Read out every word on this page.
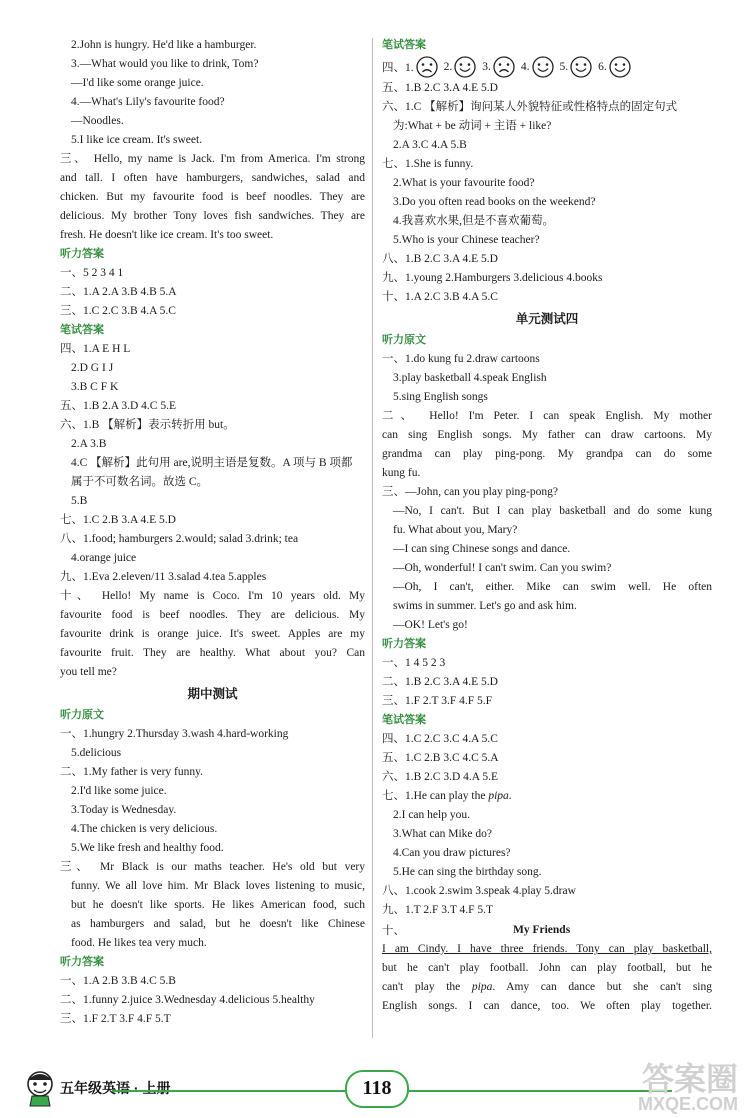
2.John is hungry. He'd like a hamburger.
3.—What would you like to drink, Tom?
—I'd like some orange juice.
4.—What's Lily's favourite food?
—Noodles.
5.I like ice cream. It's sweet.
三、 Hello, my name is Jack. I'm from America. I'm strong
and tall. I often have hamburgers, sandwiches, salad and
chicken. But my favourite food is beef noodles. They are
delicious. My brother Tony loves fish sandwiches. They are
fresh. He doesn't like ice cream. It's too sweet.
听力答案
一、5 2 3 4 1
二、1.A 2.A 3.B 4.B 5.A
三、1.C 2.C 3.B 4.A 5.C
笔试答案
四、1.A E H L
2.D G I J
3.B C F K
五、1.B 2.A 3.D 4.C 5.E
六、1.B 【解析】表示转折用 but。
2.A 3.B
4.C 【解析】此句用 are,说明主语是复数。A 项与 B 项都
属于不可数名词。故选 C。
5.B
七、1.C 2.B 3.A 4.E 5.D
八、1.food; hamburgers 2.would; salad 3.drink; tea
4.orange juice
九、1.Eva 2.eleven/11 3.salad 4.tea 5.apples
十、 Hello! My name is Coco. I'm 10 years old. My
favourite food is beef noodles. They are delicious. My
favourite drink is orange juice. It's sweet. Apples are my
favourite fruit. They are healthy. What about you? Can
you tell me?
期中测试
听力原文
一、1.hungry 2.Thursday 3.wash 4.hard-working
5.delicious
二、1.My father is very funny.
2.I'd like some juice.
3.Today is Wednesday.
4.The chicken is very delicious.
5.We like fresh and healthy food.
三、 Mr Black is our maths teacher. He's old but very
funny. We all love him. Mr Black loves listening to music,
but he doesn't like sports. He likes American food, such
as hamburgers and salad, but he doesn't like Chinese
food. He likes tea very much.
听力答案
一、1.A 2.B 3.B 4.C 5.B
二、1.funny 2.juice 3.Wednesday 4.delicious 5.healthy
三、1.F 2.T 3.F 4.F 5.T
笔试答案
四、1.	2.	3.	4.	5.	6.
五、1.B 2.C 3.A 4.E 5.D
六、1.C 【解析】询问某人外貌特征或性格特点的固定句式
为:What + be 动词 + 主语 + like?
2.A 3.C 4.A 5.B
七、1.She is funny.
2.What is your favourite food?
3.Do you often read books on the weekend?
4.我喜欢水果,但是不喜欢葡萄。
5.Who is your Chinese teacher?
八、1.B 2.C 3.A 4.E 5.D
九、1.young 2.Hamburgers 3.delicious 4.books
十、1.A 2.C 3.B 4.A 5.C
单元测试四
听力原文
一、1.do kung fu 2.draw cartoons
3.play basketball 4.speak English
5.sing English songs
二、 Hello! I'm Peter. I can speak English. My mother
can sing English songs. My father can draw cartoons. My
grandma can play ping-pong. My grandpa can do some
kung fu.
三、—John, can you play ping-pong?
—No, I can't. But I can play basketball and do some kung
fu. What about you, Mary?
—I can sing Chinese songs and dance.
—Oh, wonderful! I can't swim. Can you swim?
—Oh, I can't, either. Mike can swim well. He often
swims in summer. Let's go and ask him.
—OK! Let's go!
听力答案
一、1 4 5 2 3
二、1.B 2.C 3.A 4.E 5.D
三、1.F 2.T 3.F 4.F 5.F
笔试答案
四、1.C 2.C 3.C 4.A 5.C
五、1.C 2.B 3.C 4.C 5.A
六、1.B 2.C 3.D 4.A 5.E
七、1.He can play the pipa.
2.I can help you.
3.What can Mike do?
4.Can you draw pictures?
5.He can sing the birthday song.
八、1.cook 2.swim 3.speak 4.play 5.draw
九、1.T 2.F 3.T 4.F 5.T
十、	My Friends
I am Cindy. I have three friends. Tony can play basketball,
but he can't play football. John can play football, but he
can't play the pipa. Amy can dance but she can't sing
English songs. I can dance, too. We often play together.
五年级英语 · 上册	118	答案圈
MXQE.COM
